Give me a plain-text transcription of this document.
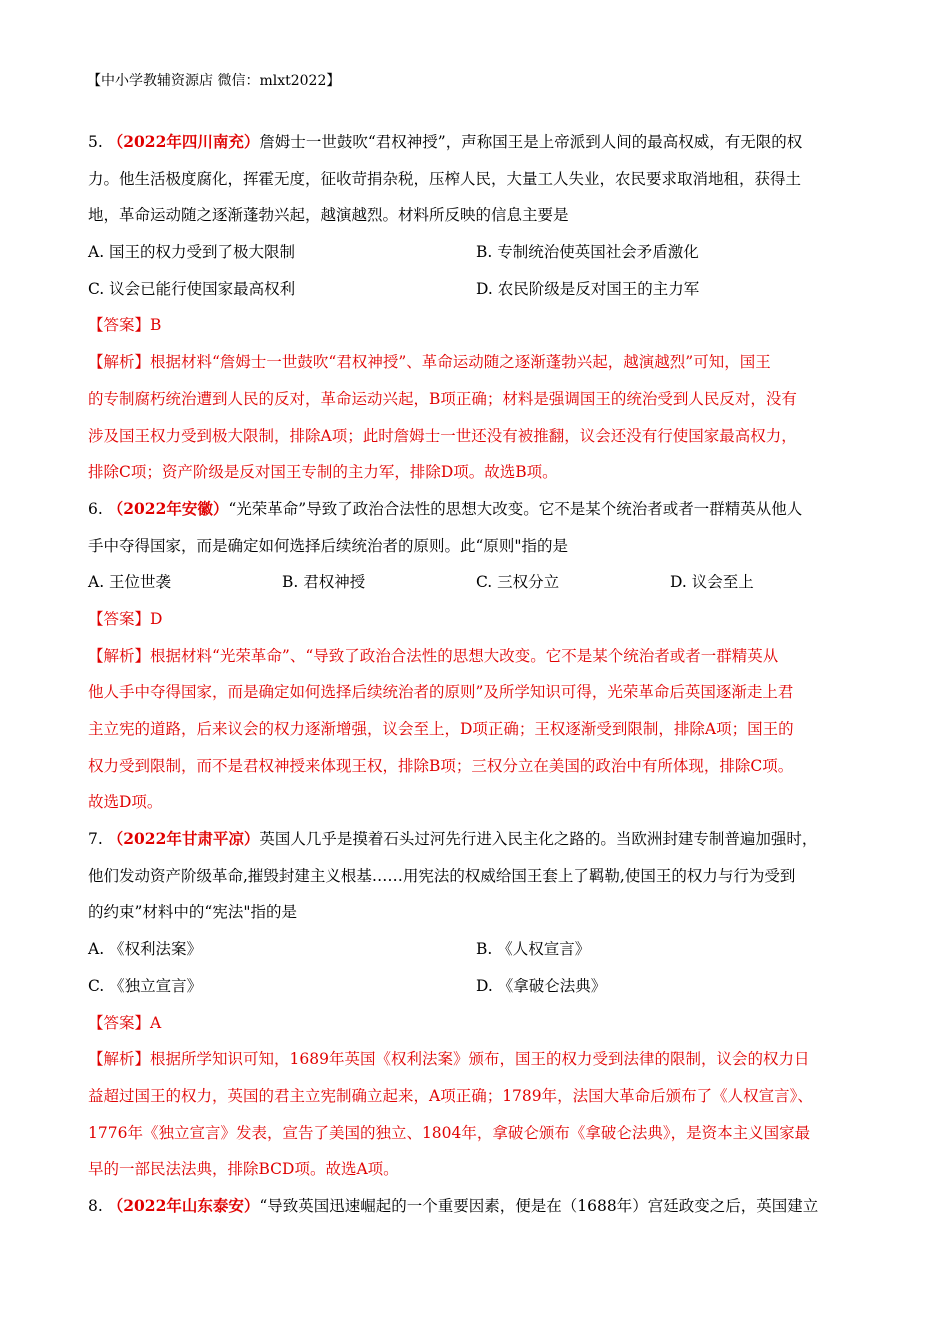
【中小学教辅资源店 微信：mlxt2022】
5. （2022年四川南充）詹姆士一世鼓吹“君权神授”，声称国王是上帝派到人间的最高权威，有无限的权
力。他生活极度腐化，挥霍无度，征收苛捐杂税，压榨人民，大量工人失业，农民要求取消地租，获得土
地，革命运动随之逐渐蓬勃兴起，越演越烈。材料所反映的信息主要是
A. 国王的权力受到了极大限制	B. 专制统治使英国社会矛盾激化
C. 议会已能行使国家最高权利	D. 农民阶级是反对国王的主力军
【答案】B
【解析】根据材料“詹姆士一世鼓吹“君权神授”、革命运动随之逐渐蓬勃兴起，越演越烈”可知，国王
的专制腐朽统治遭到人民的反对，革命运动兴起，B项正确；材料是强调国王的统治受到人民反对，没有
涉及国王权力受到极大限制，排除A项；此时詹姆士一世还没有被推翻，议会还没有行使国家最高权力，
排除C项；资产阶级是反对国王专制的主力军，排除D项。故选B项。
6. （2022年安徽）“光荣革命”导致了政治合法性的思想大改变。它不是某个统治者或者一群精英从他人
手中夺得国家，而是确定如何选择后续统治者的原则。此“原则"指的是
A. 王位世袭	B. 君权神授	C. 三权分立	D. 议会至上
【答案】D
【解析】根据材料“光荣革命”、“导致了政治合法性的思想大改变。它不是某个统治者或者一群精英从
他人手中夺得国家，而是确定如何选择后续统治者的原则”及所学知识可得，光荣革命后英国逐渐走上君
主立宪的道路，后来议会的权力逐渐增强，议会至上，D项正确；王权逐渐受到限制，排除A项；国王的
权力受到限制，而不是君权神授来体现王权，排除B项；三权分立在美国的政治中有所体现，排除C项。
故选D项。
7. （2022年甘肃平凉）英国人几乎是摸着石头过河先行进入民主化之路的。当欧洲封建专制普遍加强时，
他们发动资产阶级革命,摧毁封建主义根基……用宪法的权威给国王套上了羁勒,使国王的权力与行为受到
的约束”材料中的“宪法"指的是
A. 《权利法案》	B. 《人权宣言》
C. 《独立宣言》	D. 《拿破仑法典》
【答案】A
【解析】根据所学知识可知，1689年英国《权利法案》颁布，国王的权力受到法律的限制，议会的权力日
益超过国王的权力，英国的君主立宪制确立起来，A项正确；1789年，法国大革命后颁布了《人权宣言》、
1776年《独立宣言》发表，宣告了美国的独立、1804年，拿破仑颁布《拿破仑法典》，是资本主义国家最
早的一部民法法典，排除BCD项。故选A项。
8. （2022年山东泰安）“导致英国迅速崛起的一个重要因素，便是在（1688年）宫廷政变之后，英国建立
